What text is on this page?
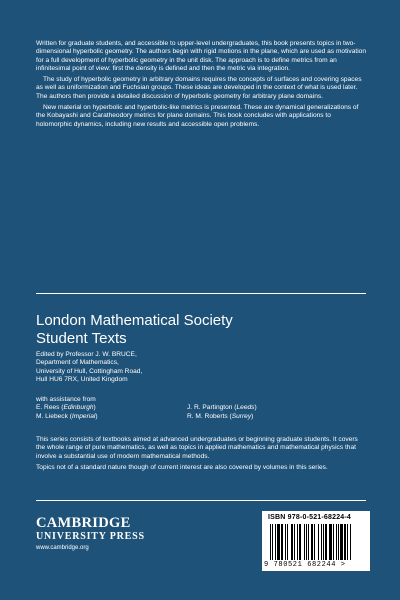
Written for graduate students, and accessible to upper-level undergraduates, this book presents topics in two-dimensional hyperbolic geometry. The authors begin with rigid motions in the plane, which are used as motivation for a full development of hyperbolic geometry in the unit disk. The approach is to define metrics from an infinitesimal point of view: first the density is defined and then the metric via integration.

The study of hyperbolic geometry in arbitrary domains requires the concepts of surfaces and covering spaces as well as uniformization and Fuchsian groups. These ideas are developed in the context of what is used later. The authors then provide a detailed discussion of hyperbolic geometry for arbitrary plane domains.

New material on hyperbolic and hyperbolic-like metrics is presented. These are dynamical generalizations of the Kobayashi and Caratheodory metrics for plane domains. This book concludes with applications to holomorphic dynamics, including new results and accessible open problems.

London Mathematical Society
Student Texts
Edited by Professor J. W. BRUCE,
Department of Mathematics,
University of Hull, Cottingham Road,
Hull HU6 7RX, United Kingdom
with assistance from
E. Rees (Edinburgh)	J. R. Partington (Leeds)
M. Liebeck (Imperial)	R. M. Roberts (Surrey)

This series consists of textbooks aimed at advanced undergraduates or beginning graduate students. It covers the whole range of pure mathematics, as well as topics in applied mathematics and mathematical physics that involve a substantial use of modern mathematical methods.

Topics not of a standard nature though of current interest are also covered by volumes in this series.

CAMBRIDGE
UNIVERSITY PRESS
www.cambridge.org
ISBN 978-0-521-68224-4
9 780521 682244 >
